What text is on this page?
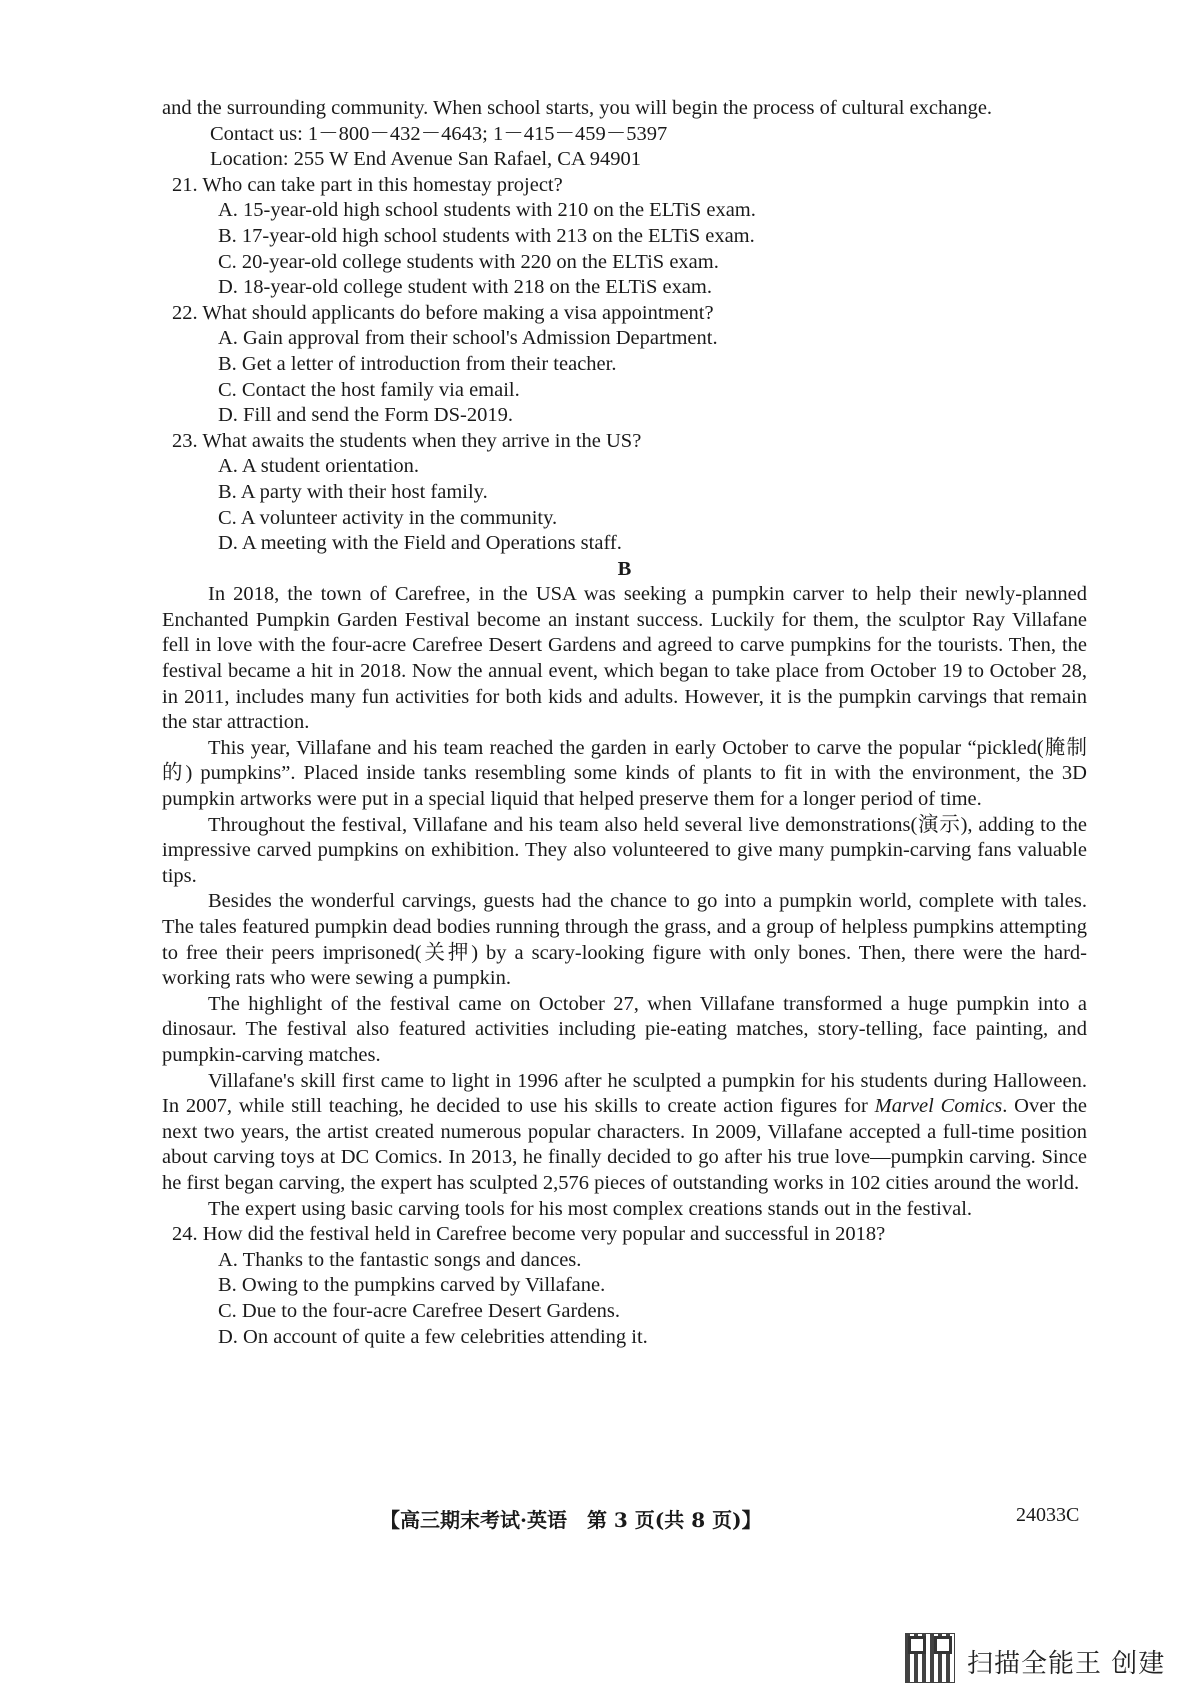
and the surrounding community. When school starts, you will begin the process of cultural exchange.

Contact us: 1－800－432－4643; 1－415－459－5397

Location: 255 W End Avenue San Rafael, CA 94901

21. Who can take part in this homestay project?

A. 15-year-old high school students with 210 on the ELTiS exam.

B. 17-year-old high school students with 213 on the ELTiS exam.

C. 20-year-old college students with 220 on the ELTiS exam.

D. 18-year-old college student with 218 on the ELTiS exam.

22. What should applicants do before making a visa appointment?

A. Gain approval from their school's Admission Department.

B. Get a letter of introduction from their teacher.

C. Contact the host family via email.

D. Fill and send the Form DS-2019.

23. What awaits the students when they arrive in the US?

A. A student orientation.

B. A party with their host family.

C. A volunteer activity in the community.

D. A meeting with the Field and Operations staff.

B

In 2018, the town of Carefree, in the USA was seeking a pumpkin carver to help their newly-planned Enchanted Pumpkin Garden Festival become an instant success. Luckily for them, the sculptor Ray Villafane fell in love with the four-acre Carefree Desert Gardens and agreed to carve pumpkins for the tourists. Then, the festival became a hit in 2018. Now the annual event, which began to take place from October 19 to October 28, in 2011, includes many fun activities for both kids and adults. However, it is the pumpkin carvings that remain the star attraction.

This year, Villafane and his team reached the garden in early October to carve the popular “pickled(腌制的) pumpkins”. Placed inside tanks resembling some kinds of plants to fit in with the environment, the 3D pumpkin artworks were put in a special liquid that helped preserve them for a longer period of time.

Throughout the festival, Villafane and his team also held several live demonstrations(演示), adding to the impressive carved pumpkins on exhibition. They also volunteered to give many pumpkin-carving fans valuable tips.

Besides the wonderful carvings, guests had the chance to go into a pumpkin world, complete with tales. The tales featured pumpkin dead bodies running through the grass, and a group of helpless pumpkins attempting to free their peers imprisoned(关押) by a scary-looking figure with only bones. Then, there were the hard-working rats who were sewing a pumpkin.

The highlight of the festival came on October 27, when Villafane transformed a huge pumpkin into a dinosaur. The festival also featured activities including pie-eating matches, story-telling, face painting, and pumpkin-carving matches.

Villafane's skill first came to light in 1996 after he sculpted a pumpkin for his students during Halloween. In 2007, while still teaching, he decided to use his skills to create action figures for Marvel Comics. Over the next two years, the artist created numerous popular characters. In 2009, Villafane accepted a full-time position about carving toys at DC Comics. In 2013, he finally decided to go after his true love—pumpkin carving. Since he first began carving, the expert has sculpted 2,576 pieces of outstanding works in 102 cities around the world.

The expert using basic carving tools for his most complex creations stands out in the festival.

24. How did the festival held in Carefree become very popular and successful in 2018?

A. Thanks to the fantastic songs and dances.

B. Owing to the pumpkins carved by Villafane.

C. Due to the four-acre Carefree Desert Gardens.

D. On account of quite a few celebrities attending it.

【高三期末考试·英语　第 3 页(共 8 页)】	24033C
扫描全能王 创建
